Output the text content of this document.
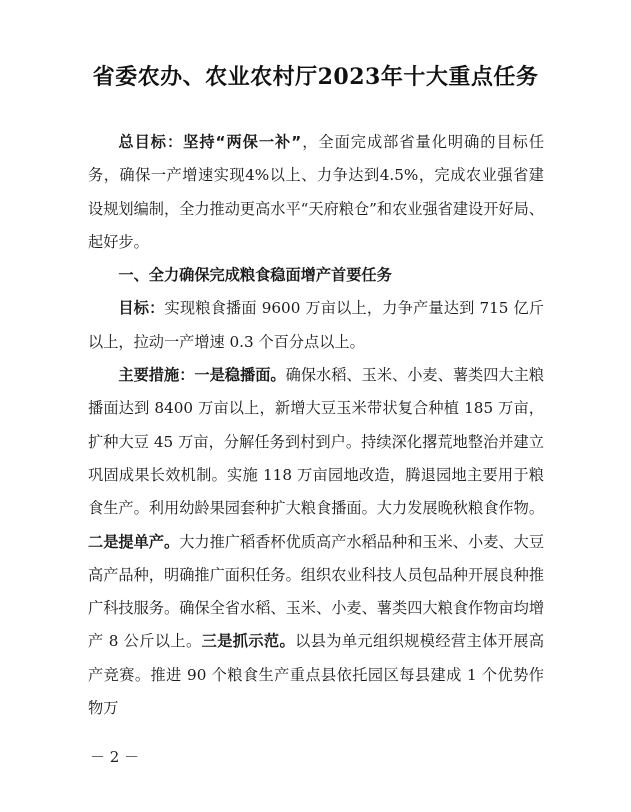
省委农办、农业农村厅2023年十大重点任务

总目标：坚持“两保一补”，全面完成部省量化明确的目标任务，确保一产增速实现4%以上、力争达到4.5%，完成农业强省建设规划编制，全力推动更高水平“天府粮仓”和农业强省建设开好局、起好步。

一、全力确保完成粮食稳面增产首要任务

目标：实现粮食播面 9600 万亩以上，力争产量达到 715 亿斤以上，拉动一产增速 0.3 个百分点以上。

主要措施：一是稳播面。确保水稻、玉米、小麦、薯类四大主粮播面达到 8400 万亩以上，新增大豆玉米带状复合种植 185 万亩，扩种大豆 45 万亩，分解任务到村到户。持续深化撂荒地整治并建立巩固成果长效机制。实施 118 万亩园地改造，腾退园地主要用于粮食生产。利用幼龄果园套种扩大粮食播面。大力发展晚秋粮食作物。二是提单产。大力推广稻香杯优质高产水稻品种和玉米、小麦、大豆高产品种，明确推广面积任务。组织农业科技人员包品种开展良种推广科技服务。确保全省水稻、玉米、小麦、薯类四大粮食作物亩均增产 8 公斤以上。三是抓示范。以县为单元组织规模经营主体开展高产竞赛。推进 90 个粮食生产重点县依托园区每县建成 1 个优势作物万

－ 2 －
